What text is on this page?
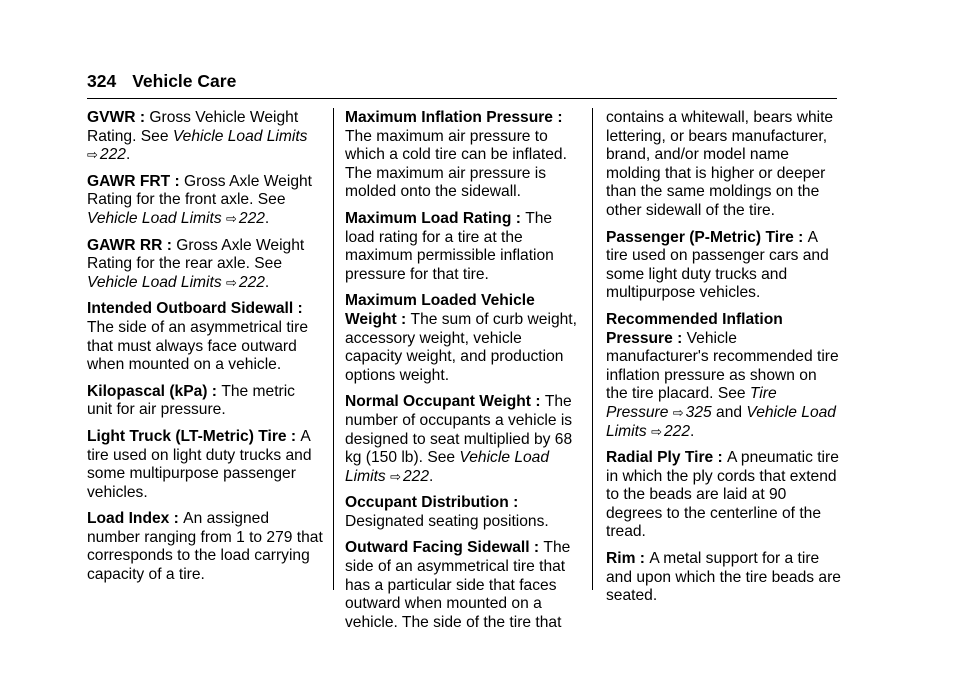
324 Vehicle Care

GVWR : Gross Vehicle Weight Rating. See Vehicle Load Limits ⇨ 222.

GAWR FRT : Gross Axle Weight Rating for the front axle. See Vehicle Load Limits ⇨ 222.

GAWR RR : Gross Axle Weight Rating for the rear axle. See Vehicle Load Limits ⇨ 222.

Intended Outboard Sidewall : The side of an asymmetrical tire that must always face outward when mounted on a vehicle.

Kilopascal (kPa) : The metric unit for air pressure.

Light Truck (LT-Metric) Tire : A tire used on light duty trucks and some multipurpose passenger vehicles.

Load Index : An assigned number ranging from 1 to 279 that corresponds to the load carrying capacity of a tire.

Maximum Inflation Pressure : The maximum air pressure to which a cold tire can be inflated. The maximum air pressure is molded onto the sidewall.

Maximum Load Rating : The load rating for a tire at the maximum permissible inflation pressure for that tire.

Maximum Loaded Vehicle Weight : The sum of curb weight, accessory weight, vehicle capacity weight, and production options weight.

Normal Occupant Weight : The number of occupants a vehicle is designed to seat multiplied by 68 kg (150 lb). See Vehicle Load Limits ⇨ 222.

Occupant Distribution : Designated seating positions.

Outward Facing Sidewall : The side of an asymmetrical tire that has a particular side that faces outward when mounted on a vehicle. The side of the tire that

contains a whitewall, bears white lettering, or bears manufacturer, brand, and/or model name molding that is higher or deeper than the same moldings on the other sidewall of the tire.

Passenger (P-Metric) Tire : A tire used on passenger cars and some light duty trucks and multipurpose vehicles.

Recommended Inflation Pressure : Vehicle manufacturer's recommended tire inflation pressure as shown on the tire placard. See Tire Pressure ⇨ 325 and Vehicle Load Limits ⇨ 222.

Radial Ply Tire : A pneumatic tire in which the ply cords that extend to the beads are laid at 90 degrees to the centerline of the tread.

Rim : A metal support for a tire and upon which the tire beads are seated.
